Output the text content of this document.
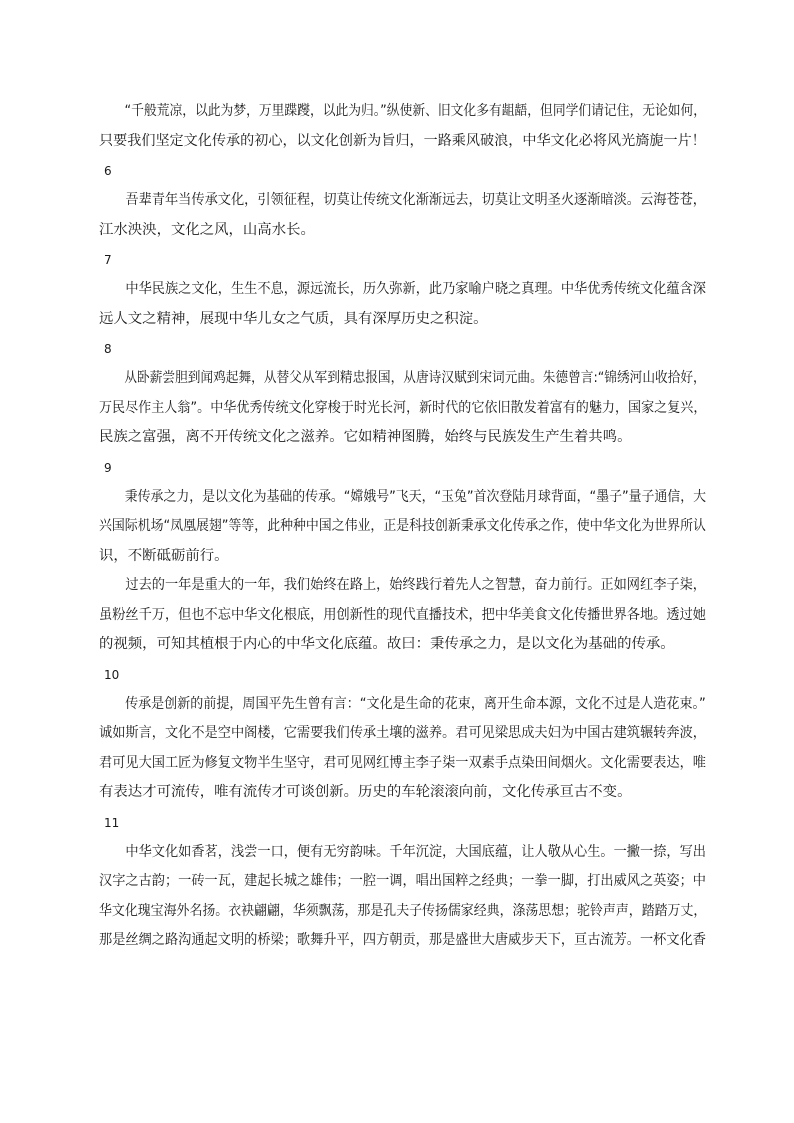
“千般荒凉，以此为梦，万里蹀躞，以此为归。”纵使新、旧文化多有龃龉，但同学们请记住，无论如何，
只要我们坚定文化传承的初心，以文化创新为旨归，一路乘风破浪，中华文化必将风光旖旎一片！
6
吾辈青年当传承文化，引领征程，切莫让传统文化渐渐远去，切莫让文明圣火逐渐暗淡。云海苍苍，
江水泱泱，文化之风，山高水长。
7
中华民族之文化，生生不息，源远流长，历久弥新，此乃家喻户晓之真理。中华优秀传统文化蕴含深
远人文之精神，展现中华儿女之气质，具有深厚历史之积淀。
8
从卧薪尝胆到闻鸡起舞，从替父从军到精忠报国，从唐诗汉赋到宋词元曲。朱德曾言:“锦绣河山收拾好，
万民尽作主人翁”。中华优秀传统文化穿梭于时光长河，新时代的它依旧散发着富有的魅力，国家之复兴，
民族之富强，离不开传统文化之滋养。它如精神图腾，始终与民族发生产生着共鸣。
9
秉传承之力，是以文化为基础的传承。“嫦娥号”飞天，“玉兔”首次登陆月球背面，“墨子”量子通信，大
兴国际机场“凤凰展翅”等等，此种种中国之伟业，正是科技创新秉承文化传承之作，使中华文化为世界所认
识，不断砥砺前行。
过去的一年是重大的一年，我们始终在路上，始终践行着先人之智慧，奋力前行。正如网红李子柒，
虽粉丝千万，但也不忘中华文化根底，用创新性的现代直播技术，把中华美食文化传播世界各地。透过她
的视频，可知其植根于内心的中华文化底蕴。故曰：秉传承之力，是以文化为基础的传承。
10
传承是创新的前提，周国平先生曾有言：“文化是生命的花束，离开生命本源，文化不过是人造花束。”
诚如斯言，文化不是空中阁楼，它需要我们传承土壤的滋养。君可见梁思成夫妇为中国古建筑辗转奔波，
君可见大国工匠为修复文物半生坚守，君可见网红博主李子柒一双素手点染田间烟火。文化需要表达，唯
有表达才可流传，唯有流传才可谈创新。历史的车轮滚滚向前，文化传承亘古不变。
11
中华文化如香茗，浅尝一口，便有无穷韵味。千年沉淀，大国底蕴，让人敬从心生。一撇一捺，写出
汉字之古韵；一砖一瓦，建起长城之雄伟；一腔一调，唱出国粹之经典；一拳一脚，打出威风之英姿；中
华文化瑰宝海外名扬。衣袂翩翩，华须飘荡，那是孔夫子传扬儒家经典，涤荡思想；驼铃声声，踏踏万丈，
那是丝绸之路沟通起文明的桥梁；歌舞升平，四方朝贡，那是盛世大唐威步天下，亘古流芳。一杯文化香
